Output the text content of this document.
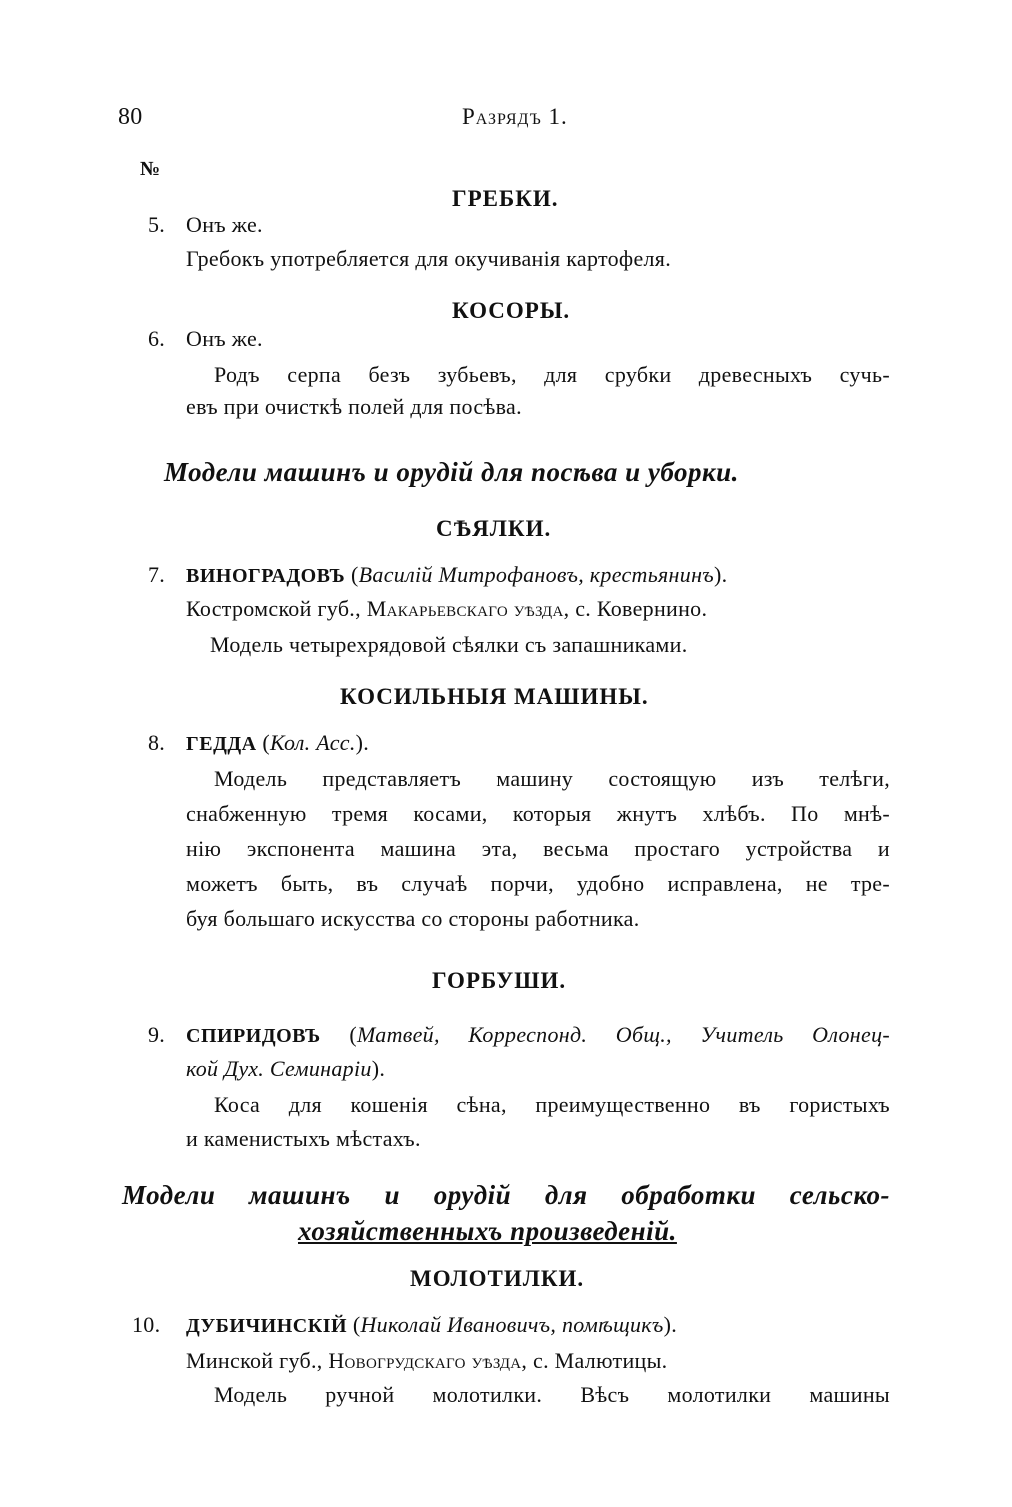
80	Разрядъ 1.
№
ГРЕБКИ.
5. Онъ же.
Гребокъ употребляется для окучиванія картофеля.
КОСОРЫ.
6. Онъ же.
Родъ серпа безъ зубьевъ, для срубки древесныхъ сучь-
евъ при очисткѣ полей для посѣва.
Модели машинъ и орудій для посѣва и уборки.
СѢЯЛКИ.
7. ВИНОГРАДОВЪ (Василій Митрофановъ, крестьянинъ).
Костромской губ., Макарьевскаго уѣзда, с. Ковернино.
Модель четырехрядовой сѣялки съ запашниками.
КОСИЛЬНЫЯ МАШИНЫ.
8. ГЕДДА (Кол. Асс.).
Модель представляетъ машину состоящую изъ телѣги,
снабженную тремя косами, которыя жнутъ хлѣбъ. По мнѣ-
нію экспонента машина эта, весьма простаго устройства и
можетъ быть, въ случаѣ порчи, удобно исправлена, не тре-
буя большаго искусства со стороны работника.
ГОРБУШИ.
9. СПИРИДОВЪ (Матвей, Корреспонд. Общ., Учитель Олонец-
кой Дух. Семинаріи).
Коса для кошенія сѣна, преимущественно въ гористыхъ
и каменистыхъ мѣстахъ.
Модели машинъ и орудій для обработки сельско-
хозяйственныхъ произведеній.
МОЛОТИЛКИ.
10. ДУБИЧИНСКІЙ (Николай Ивановичъ, помѣщикъ).
Минской губ., Новогрудскаго уѣзда, с. Малютицы.
Модель ручной молотилки. Вѣсъ молотилки машины
